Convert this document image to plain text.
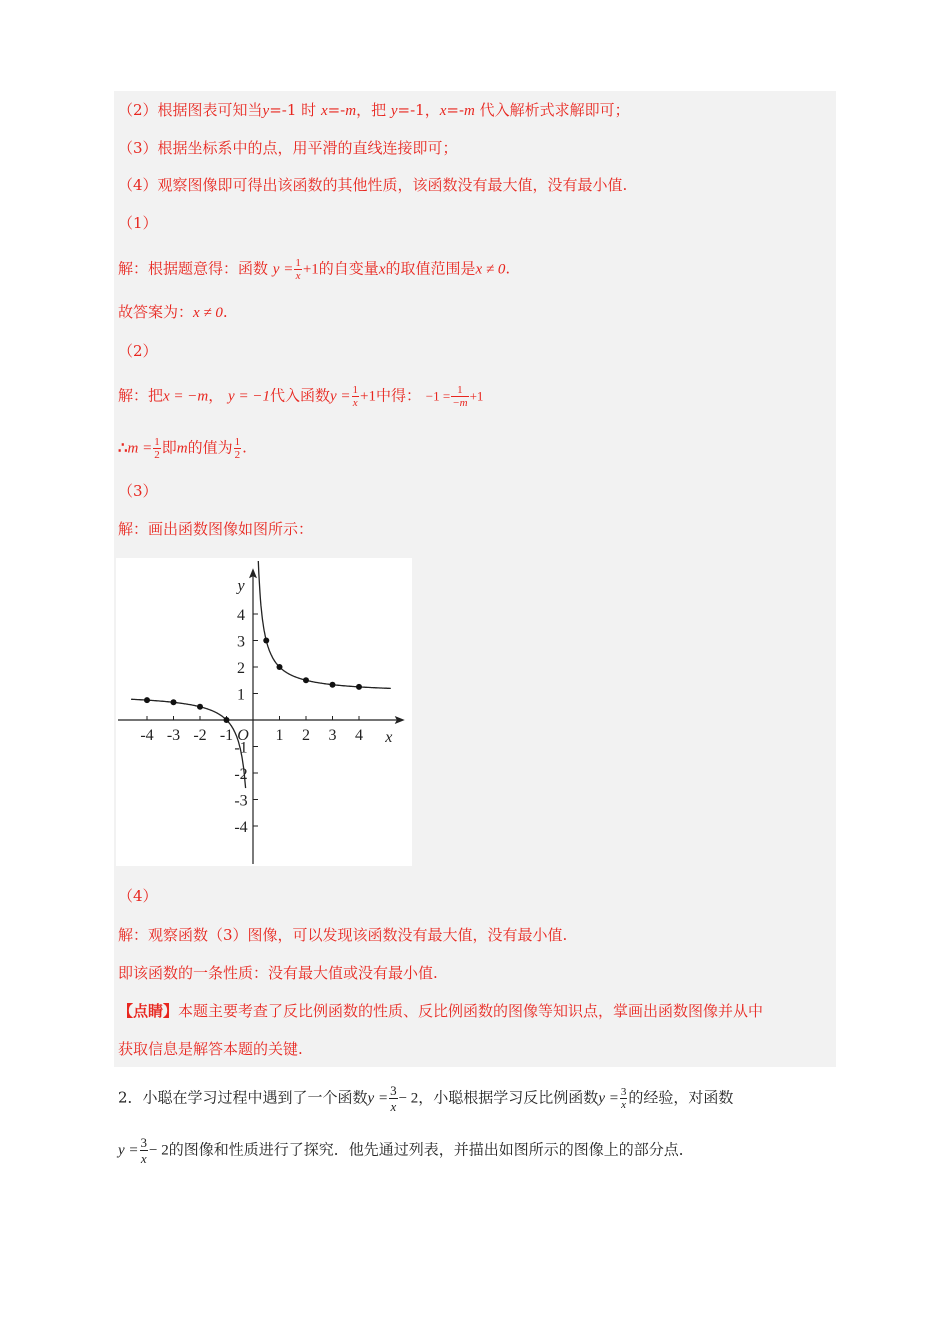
（2）根据图表可知当y=-1 时 x=-m，把 y=-1，x=-m 代入解析式求解即可；
（3）根据坐标系中的点，用平滑的直线连接即可；
（4）观察图像即可得出该函数的其他性质，该函数没有最大值，没有最小值.
（1）
解：根据题意得：函数 $y = \frac{1}{x} +1$的自变量x的取值范围是x ≠ 0.
故答案为：x ≠ 0.
（2）
解：把x = −m， y = −1代入函数$y = \frac{1}{x} +1$中得： $-1 = \frac{1}{-m} +1$
∴m = $\frac{1}{2}$ 即m的值为 $\frac{1}{2}$ .
（3）
解：画出函数图像如图所示：
x
y
O
-4 -3 -2 -1	1 2 3 4
4
3
2
1
-1
-2
-3
-4
（4）
解：观察函数（3）图像，可以发现该函数没有最大值，没有最小值.
即该函数的一条性质：没有最大值或没有最小值.
【点睛】本题主要考查了反比例函数的性质、反比例函数的图像等知识点，掌画出函数图像并从中
获取信息是解答本题的关键.
2．小聪在学习过程中遇到了一个函数$y = \frac{3}{x} - 2$，小聪根据学习反比例函数$y = \frac{3}{x}$ 的经验，对函数
$y = \frac{3}{x} - 2$的图像和性质进行了探究．他先通过列表，并描出如图所示的图像上的部分点．
